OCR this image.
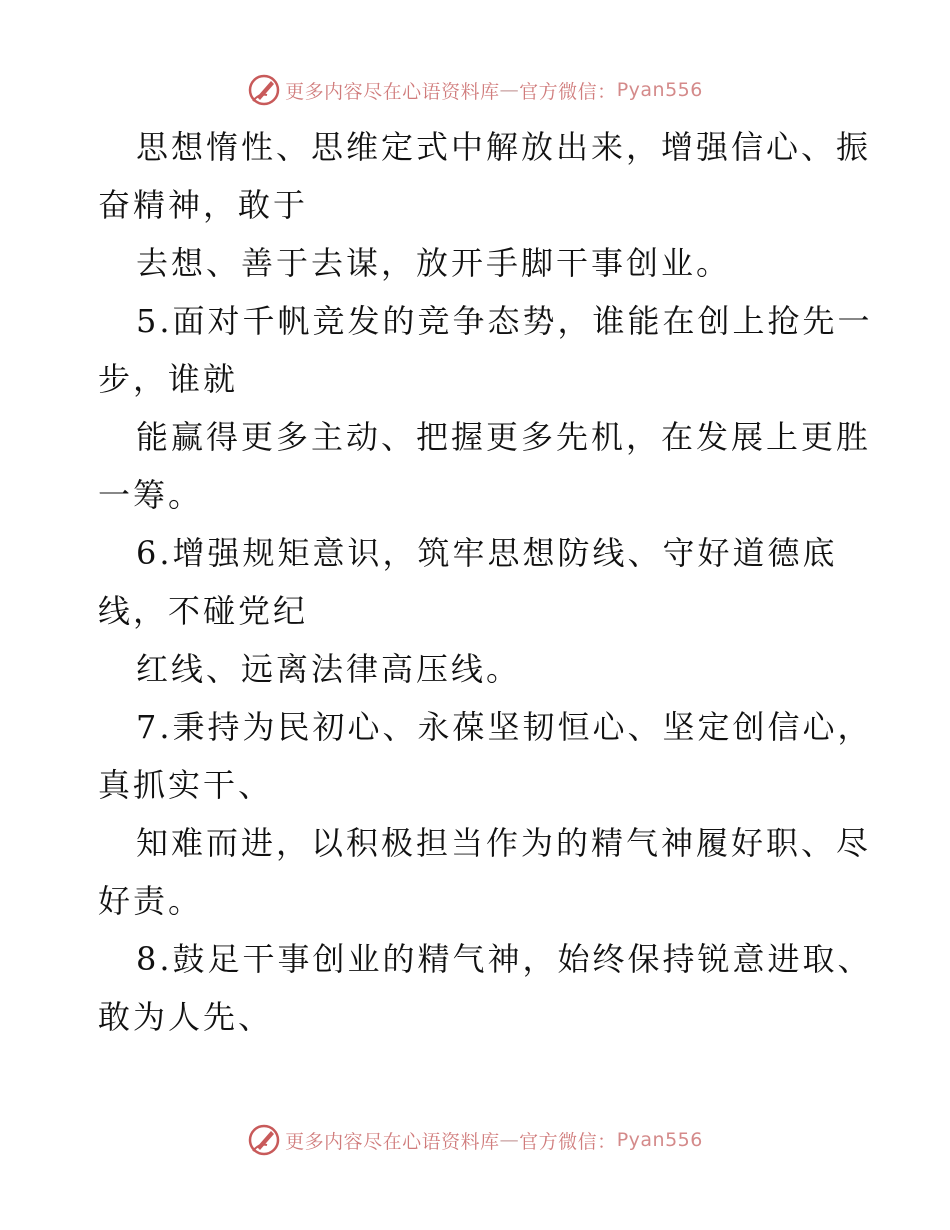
更多内容尽在心语资料库 — 官方微信： Pyan556
思想惰性、思维定式中解放出来，增强信心、振
奋精神，敢于
去想、善于去谋，放开手脚干事创业。
5.面对千帆竞发的竞争态势，谁能在创上抢先一
步，谁就
能赢得更多主动、把握更多先机，在发展上更胜
一筹。
6.增强规矩意识，筑牢思想防线、守好道德底
线，不碰党纪
红线、远离法律高压线。
7.秉持为民初心、永葆坚韧恒心、坚定创信心，
真抓实干、
知难而进，以积极担当作为的精气神履好职、尽
好责。
8.鼓足干事创业的精气神，始终保持锐意进取、
敢为人先、
更多内容尽在心语资料库 — 官方微信： Pyan556
